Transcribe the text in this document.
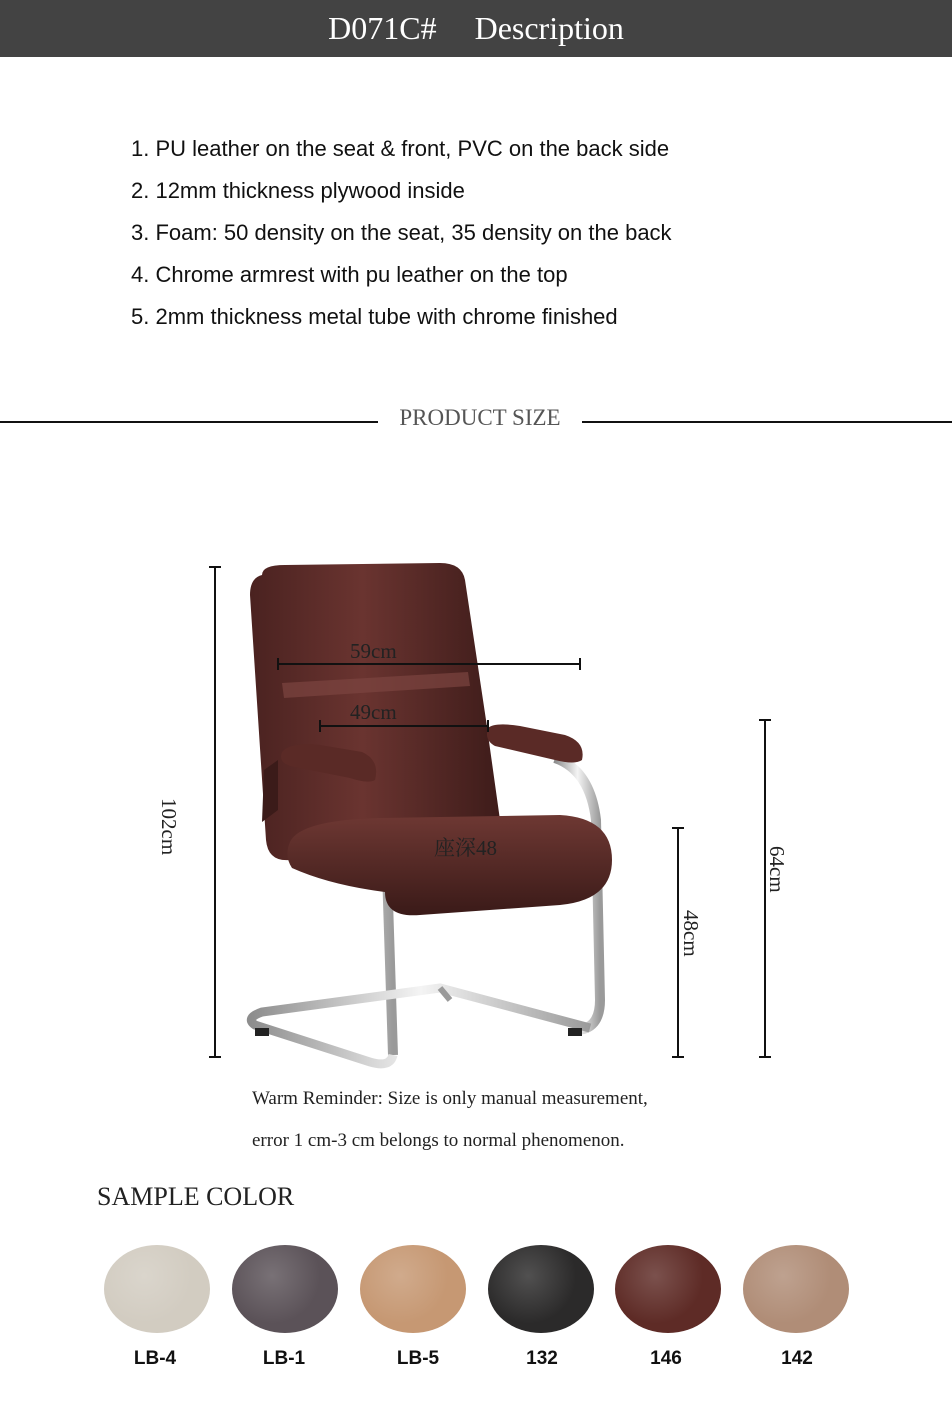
D071C# Description
1. PU leather on the seat & front, PVC on the back side
2. 12mm thickness plywood inside
3. Foam: 50 density on the seat, 35 density on the back
4. Chrome armrest with pu leather on the top
5. 2mm thickness metal tube with chrome finished
PRODUCT SIZE
59cm
49cm
座深48
102cm
48cm
64cm
Warm Reminder: Size is only manual measurement,
error 1 cm-3 cm belongs to normal phenomenon.
SAMPLE COLOR
LB-4	LB-1	LB-5	132	146	142
